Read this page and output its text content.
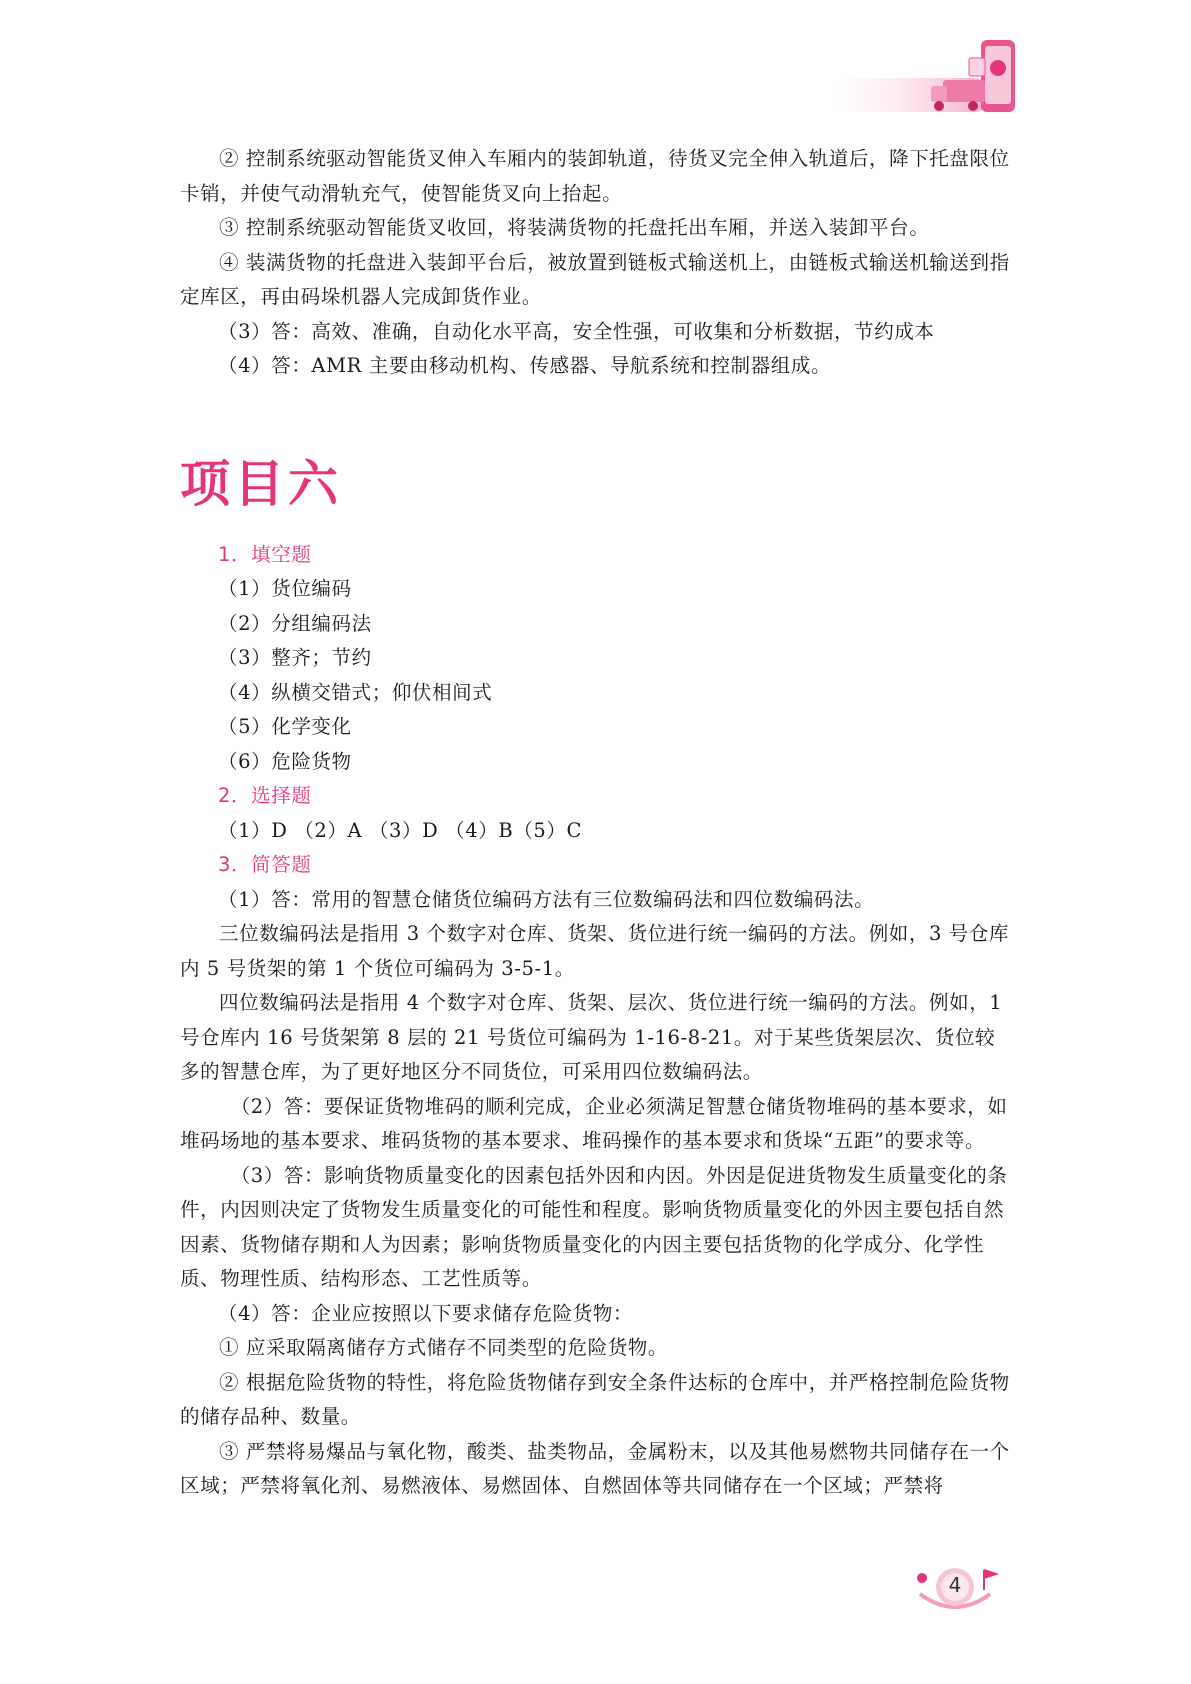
② 控制系统驱动智能货叉伸入车厢内的装卸轨道，待货叉完全伸入轨道后，降下托盘限位卡销，并使气动滑轨充气，使智能货叉向上抬起。

③ 控制系统驱动智能货叉收回，将装满货物的托盘托出车厢，并送入装卸平台。

④ 装满货物的托盘进入装卸平台后，被放置到链板式输送机上，由链板式输送机输送到指定库区，再由码垛机器人完成卸货作业。

（3）答：高效、准确，自动化水平高，安全性强，可收集和分析数据，节约成本

（4）答：AMR 主要由移动机构、传感器、导航系统和控制器组成。

项目六

1．填空题

（1）货位编码

（2）分组编码法

（3）整齐；节约

（4）纵横交错式；仰伏相间式

（5）化学变化

（6）危险货物

2．选择题

（1）D （2）A （3）D （4）B（5）C

3．简答题

（1）答：常用的智慧仓储货位编码方法有三位数编码法和四位数编码法。

三位数编码法是指用 3 个数字对仓库、货架、货位进行统一编码的方法。例如，3 号仓库内 5 号货架的第 1 个货位可编码为 3-5-1。

四位数编码法是指用 4 个数字对仓库、货架、层次、货位进行统一编码的方法。例如，1 号仓库内 16 号货架第 8 层的 21 号货位可编码为 1-16-8-21。对于某些货架层次、货位较多的智慧仓库，为了更好地区分不同货位，可采用四位数编码法。

（2）答：要保证货物堆码的顺利完成，企业必须满足智慧仓储货物堆码的基本要求，如堆码场地的基本要求、堆码货物的基本要求、堆码操作的基本要求和货垛“五距”的要求等。

（3）答：影响货物质量变化的因素包括外因和内因。外因是促进货物发生质量变化的条件，内因则决定了货物发生质量变化的可能性和程度。影响货物质量变化的外因主要包括自然因素、货物储存期和人为因素；影响货物质量变化的内因主要包括货物的化学成分、化学性质、物理性质、结构形态、工艺性质等。

（4）答：企业应按照以下要求储存危险货物：

① 应采取隔离储存方式储存不同类型的危险货物。

② 根据危险货物的特性，将危险货物储存到安全条件达标的仓库中，并严格控制危险货物的储存品种、数量。

③ 严禁将易爆品与氧化物，酸类、盐类物品，金属粉末，以及其他易燃物共同储存在一个区域；严禁将氧化剂、易燃液体、易燃固体、自燃固体等共同储存在一个区域；严禁将

4
